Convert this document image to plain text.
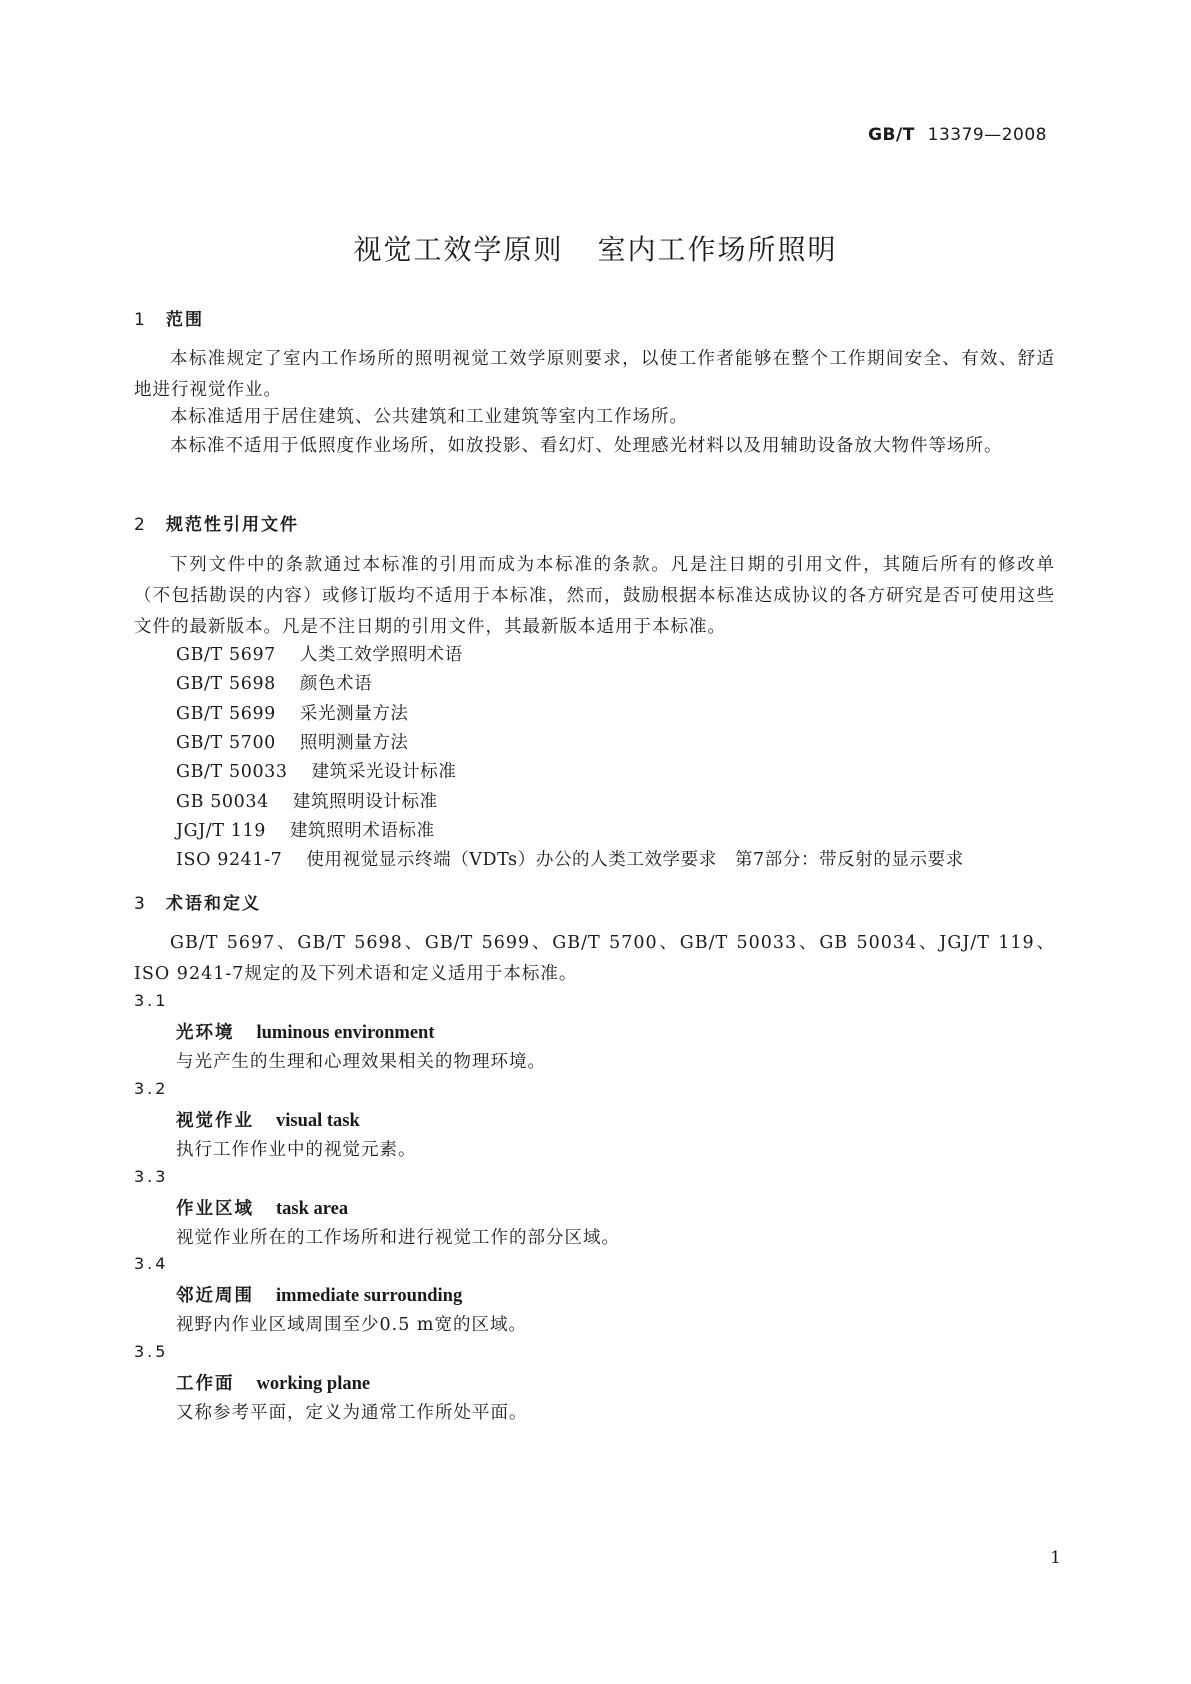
GB/T 13379—2008
视觉工效学原则 室内工作场所照明
1 范围
本标准规定了室内工作场所的照明视觉工效学原则要求，以使工作者能够在整个工作期间安全、有效、舒适地进行视觉作业。
本标准适用于居住建筑、公共建筑和工业建筑等室内工作场所。
本标准不适用于低照度作业场所，如放投影、看幻灯、处理感光材料以及用辅助设备放大物件等场所。
2 规范性引用文件
下列文件中的条款通过本标准的引用而成为本标准的条款。凡是注日期的引用文件，其随后所有的修改单（不包括勘误的内容）或修订版均不适用于本标准，然而，鼓励根据本标准达成协议的各方研究是否可使用这些文件的最新版本。凡是不注日期的引用文件，其最新版本适用于本标准。
GB/T 5697 人类工效学照明术语
GB/T 5698 颜色术语
GB/T 5699 采光测量方法
GB/T 5700 照明测量方法
GB/T 50033 建筑采光设计标准
GB 50034 建筑照明设计标准
JGJ/T 119 建筑照明术语标准
ISO 9241-7 使用视觉显示终端（VDTs）办公的人类工效学要求　第7部分：带反射的显示要求
3 术语和定义
GB/T 5697、GB/T 5698、GB/T 5699、GB/T 5700、GB/T 50033、GB 50034、JGJ/T 119、ISO 9241-7规定的及下列术语和定义适用于本标准。
3.1
光环境 luminous environment
与光产生的生理和心理效果相关的物理环境。
3.2
视觉作业 visual task
执行工作作业中的视觉元素。
3.3
作业区域 task area
视觉作业所在的工作场所和进行视觉工作的部分区域。
3.4
邻近周围 immediate surrounding
视野内作业区域周围至少0.5 m宽的区域。
3.5
工作面 working plane
又称参考平面，定义为通常工作所处平面。
1
